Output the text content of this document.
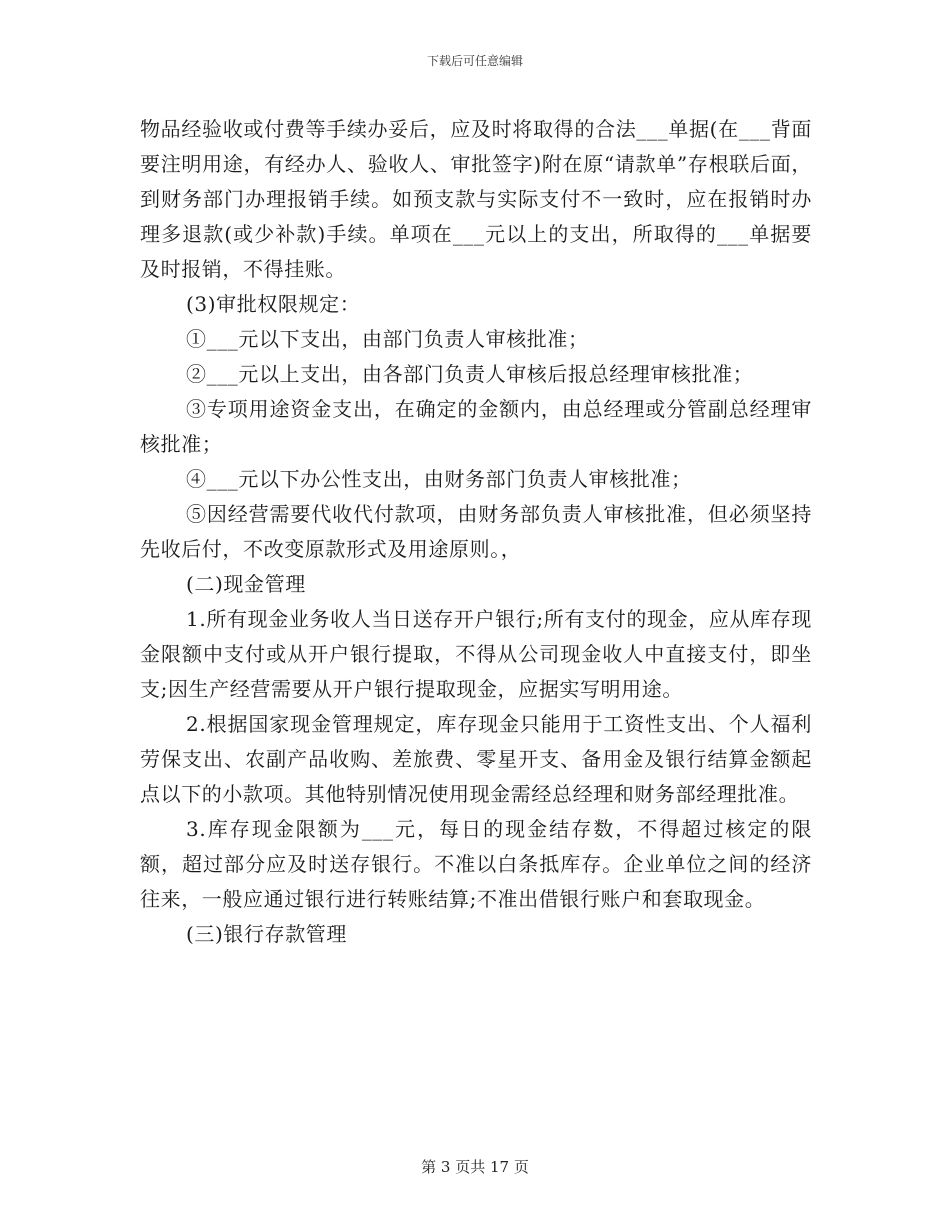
下载后可任意编辑

物品经验收或付费等手续办妥后，应及时将取得的合法___单据(在___背面要注明用途，有经办人、验收人、审批签字)附在原“请款单”存根联后面，到财务部门办理报销手续。如预支款与实际支付不一致时，应在报销时办理多退款(或少补款)手续。单项在___元以上的支出，所取得的___单据要及时报销，不得挂账。

(3)审批权限规定：

①___元以下支出，由部门负责人审核批准；

②___元以上支出，由各部门负责人审核后报总经理审核批准；

③专项用途资金支出，在确定的金额内，由总经理或分管副总经理审核批准；

④___元以下办公性支出，由财务部门负责人审核批准；

⑤因经营需要代收代付款项，由财务部负责人审核批准，但必须坚持先收后付，不改变原款形式及用途原则。，

(二)现金管理

1.所有现金业务收人当日送存开户银行;所有支付的现金，应从库存现金限额中支付或从开户银行提取，不得从公司现金收人中直接支付，即坐支;因生产经营需要从开户银行提取现金，应据实写明用途。

2.根据国家现金管理规定，库存现金只能用于工资性支出、个人福利劳保支出、农副产品收购、差旅费、零星开支、备用金及银行结算金额起点以下的小款项。其他特别情况使用现金需经总经理和财务部经理批准。

3.库存现金限额为___元，每日的现金结存数，不得超过核定的限额，超过部分应及时送存银行。不准以白条抵库存。企业单位之间的经济往来，一般应通过银行进行转账结算;不准出借银行账户和套取现金。

(三)银行存款管理

第 3 页共 17 页
